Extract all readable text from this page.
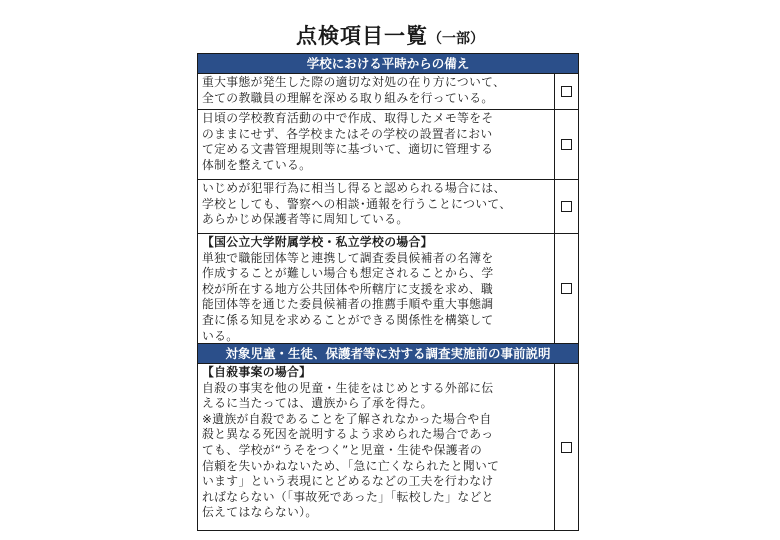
点検項目一覧（一部）
学校における平時からの備え
重大事態が発生した際の適切な対処の在り方について、
全ての教職員の理解を深める取り組みを行っている。
日頃の学校教育活動の中で作成、取得したメモ等をそ
のままにせず、各学校またはその学校の設置者におい
て定める文書管理規則等に基づいて、適切に管理する
体制を整えている。
いじめが犯罪行為に相当し得ると認められる場合には、
学校としても、警察への相談･通報を行うことについて、
あらかじめ保護者等に周知している。
【国公立大学附属学校・私立学校の場合】
単独で職能団体等と連携して調査委員候補者の名簿を
作成することが難しい場合も想定されることから、学
校が所在する地方公共団体や所轄庁に支援を求め、職
能団体等を通じた委員候補者の推薦手順や重大事態調
査に係る知見を求めることができる関係性を構築して
いる。
対象児童・生徒、保護者等に対する調査実施前の事前説明
【自殺事案の場合】
自殺の事実を他の児童・生徒をはじめとする外部に伝
えるに当たっては、遺族から了承を得た。
※遺族が自殺であることを了解されなかった場合や自
殺と異なる死因を説明するよう求められた場合であっ
ても、学校が“うそをつく”と児童・生徒や保護者の
信頼を失いかねないため、「急に亡くなられたと聞いて
います」という表現にとどめるなどの工夫を行わなけ
ればならない（「事故死であった」「転校した」などと
伝えてはならない）。
